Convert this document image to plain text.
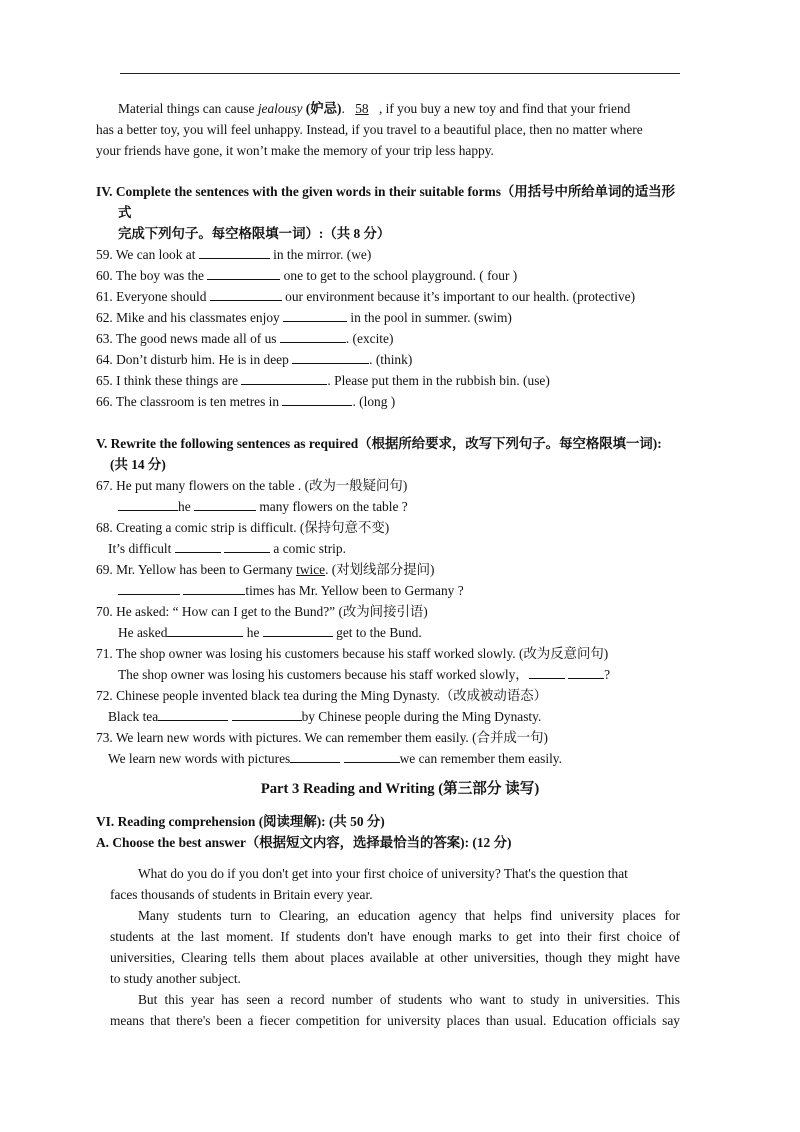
Material things can cause jealousy (妒忌). 58 , if you buy a new toy and find that your friend
has a better toy, you will feel unhappy. Instead, if you travel to a beautiful place, then no matter where
your friends have gone, it won’t make the memory of your trip less happy.
IV. Complete the sentences with the given words in their suitable forms（用括号中所给单词的适当形
式
完成下列句子。每空格限填一词）:（共 8 分）
59. We can look at	in the mirror. (we)
60. The boy was the	one to get to the school playground. ( four )
61. Everyone should	our environment because it’s important to our health. (protective)
62. Mike and his classmates enjoy	in the pool in summer. (swim)
63. The good news made all of us	. (excite)
64. Don’t disturb him. He is in deep	. (think)
65. I think these things are	. Please put them in the rubbish bin. (use)
66. The classroom is ten metres in	. (long )
V. Rewrite the following sentences as required（根据所给要求，改写下列句子。每空格限填一词):
(共 14 分)
67. He put many flowers on the table . (改为一般疑问句)
he	many flowers on the table ?
68. Creating a comic strip is difficult. (保持句意不变)
It’s difficult	a comic strip.
69. Mr. Yellow has been to Germany twice. (对划线部分提问)
times has Mr. Yellow been to Germany ?
70. He asked: “ How can I get to the Bund?” (改为间接引语)
He asked	he	get to the Bund.
71. The shop owner was losing his customers because his staff worked slowly. (改为反意问句)
The shop owner was losing his customers because his staff worked slowly，	?
72. Chinese people invented black tea during the Ming Dynasty.（改成被动语态）
Black tea	by Chinese people during the Ming Dynasty.
73. We learn new words with pictures. We can remember them easily. (合并成一句)
We learn new words with pictures	we can remember them easily.
Part 3 Reading and Writing (第三部分 读写)
VI. Reading comprehension (阅读理解): (共 50 分)
A. Choose the best answer（根据短文内容，选择最恰当的答案): (12 分)
What do you do if you don't get into your first choice of university? That's the question that
faces thousands of students in Britain every year.
Many students turn to Clearing, an education agency that helps find university places for
students at the last moment. If students don't have enough marks to get into their first choice of
universities, Clearing tells them about places available at other universities, though they might have
to study another subject.
But this year has seen a record number of students who want to study in universities. This
means that there's been a fiecer competition for university places than usual. Education officials say
